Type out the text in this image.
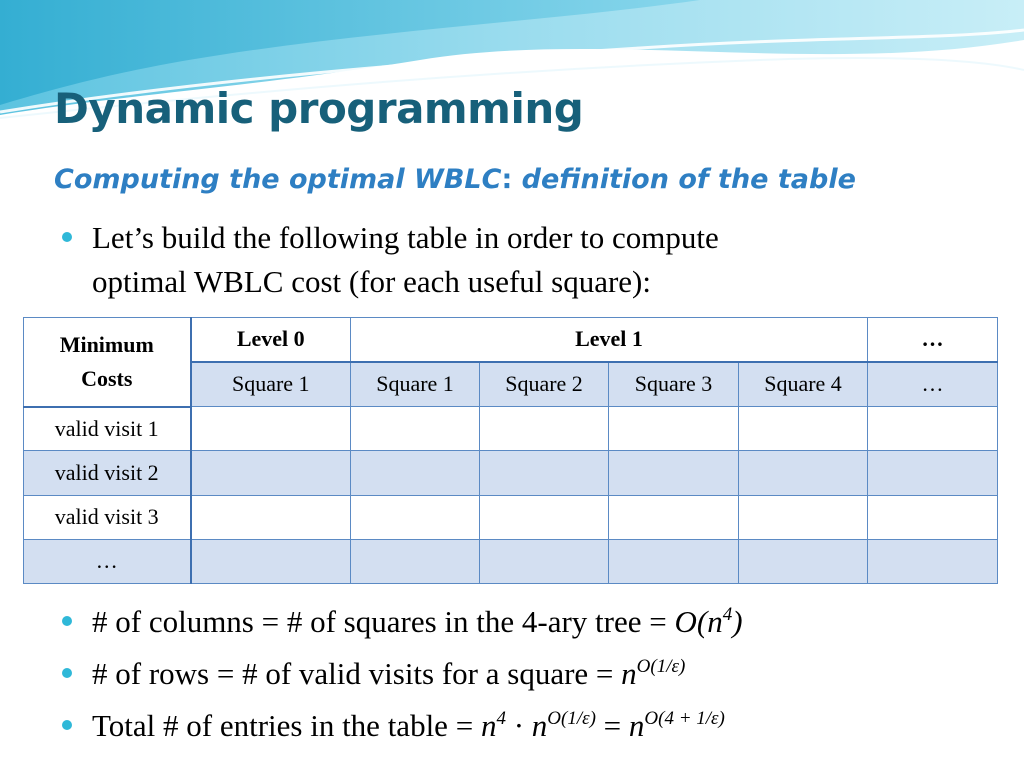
Dynamic programming
Computing the optimal WBLC: definition of the table
Let’s build the following table in order to compute
optimal WBLC cost (for each useful square):
Minimum
Costs	Level 0	Level 1				…
	Square 1	Square 1	Square 2	Square 3	Square 4	…
valid visit 1						
valid visit 2						
valid visit 3						
…						
# of columns = # of squares in the 4-ary tree = $O(n^4)$
# of rows = # of valid visits for a square = $n^{O(1/\varepsilon)}$
Total # of entries in the table = $n^4 \cdot n^{O(1/\varepsilon)} = n^{O(4 + 1/\varepsilon)}$
